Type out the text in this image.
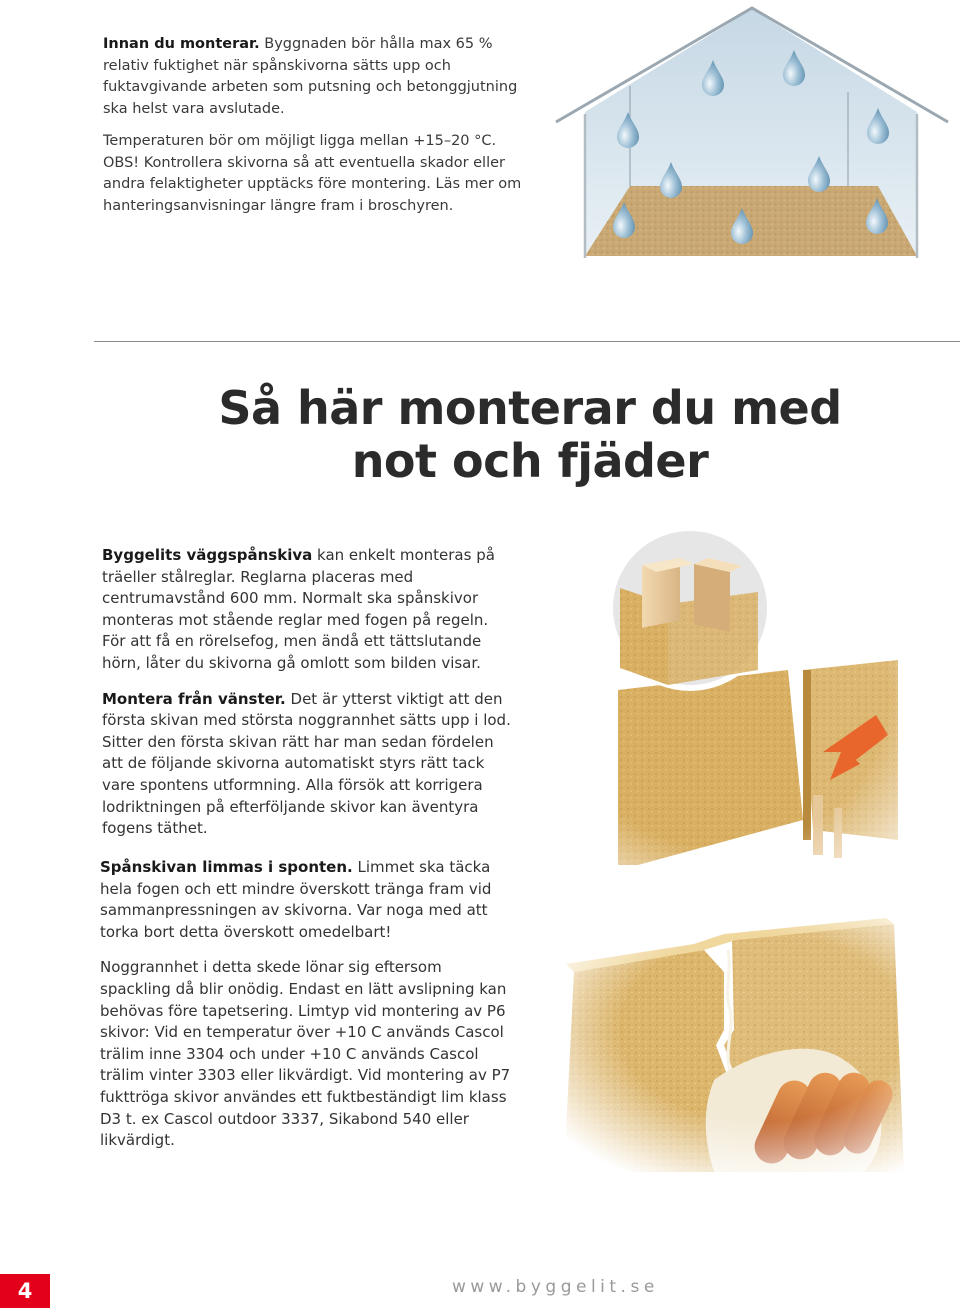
Innan du monterar. Byggnaden bör hålla max 65 % relativ fuktighet när spånskivorna sätts upp och fuktavgivande arbeten som putsning och betonggjutning ska helst vara avslutade.

Temperaturen bör om möjligt ligga mellan +15–20 °C. OBS! Kontrollera skivorna så att eventuella skador eller andra felaktigheter upptäcks före montering. Läs mer om hanteringsanvisningar längre fram i broschyren.

Så här monterar du med
not och fjäder

Byggelits väggspånskiva kan enkelt monteras på träeller stålreglar. Reglarna placeras med centrumavstånd 600 mm. Normalt ska spånskivor monteras mot stående reglar med fogen på regeln. För att få en rörelsefog, men ändå ett tättslutande hörn, låter du skivorna gå omlott som bilden visar.

Montera från vänster. Det är ytterst viktigt att den första skivan med största noggrannhet sätts upp i lod. Sitter den första skivan rätt har man sedan fördelen att de följande skivorna automatiskt styrs rätt tack vare spontens utformning. Alla försök att korrigera lodriktningen på efterföljande skivor kan äventyra fogens täthet.

Spånskivan limmas i sponten. Limmet ska täcka hela fogen och ett mindre överskott tränga fram vid sammanpressningen av skivorna. Var noga med att torka bort detta överskott omedelbart!

Noggrannhet i detta skede lönar sig eftersom spackling då blir onödig. Endast en lätt avslipning kan behövas före tapetsering. Limtyp vid montering av P6 skivor: Vid en temperatur över +10 C används Cascol trälim inne 3304 och under +10 C används Cascol trälim vinter 3303 eller likvärdigt. Vid montering av P7 fukttröga skivor användes ett fuktbeständigt lim klass D3 t. ex Cascol outdoor 3337, Sikabond 540 eller likvärdigt.

4	www.byggelit.se
